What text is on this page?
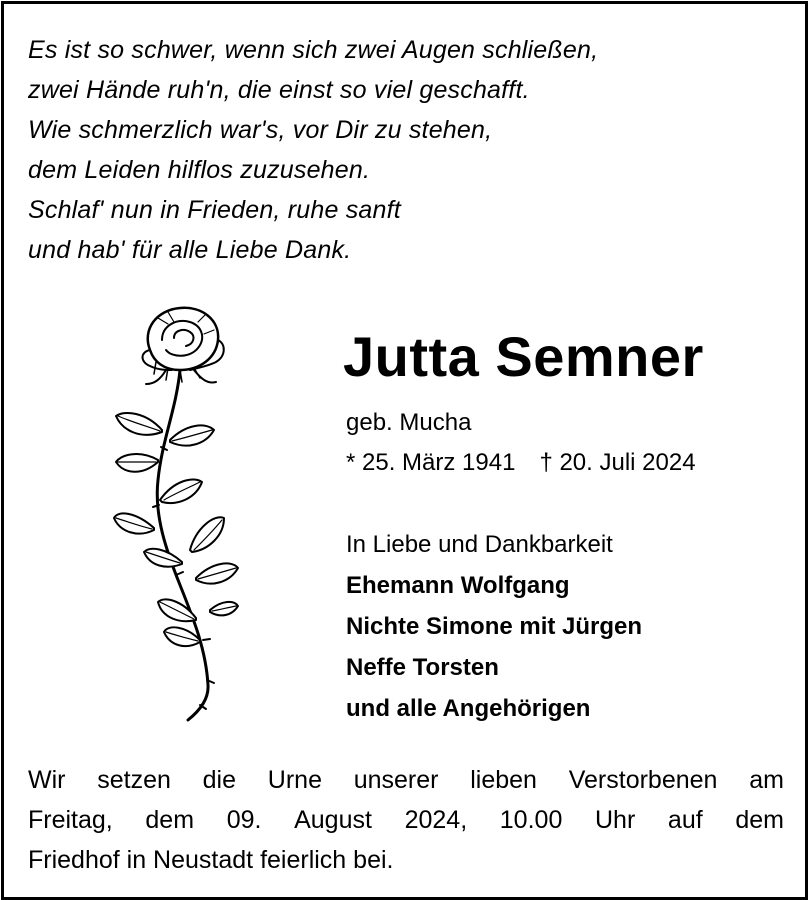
Es ist so schwer, wenn sich zwei Augen schließen,
zwei Hände ruh'n, die einst so viel geschafft.
Wie schmerzlich war's, vor Dir zu stehen,
dem Leiden hilflos zuzusehen.
Schlaf' nun in Frieden, ruhe sanft
und hab' für alle Liebe Dank.
Jutta Semner
geb. Mucha
* 25. März 1941 † 20. Juli 2024
In Liebe und Dankbarkeit
Ehemann Wolfgang
Nichte Simone mit Jürgen
Neffe Torsten
und alle Angehörigen
Wir setzen die Urne unserer lieben Verstorbenen am
Freitag, dem 09. August 2024, 10.00 Uhr auf dem
Friedhof in Neustadt feierlich bei.
